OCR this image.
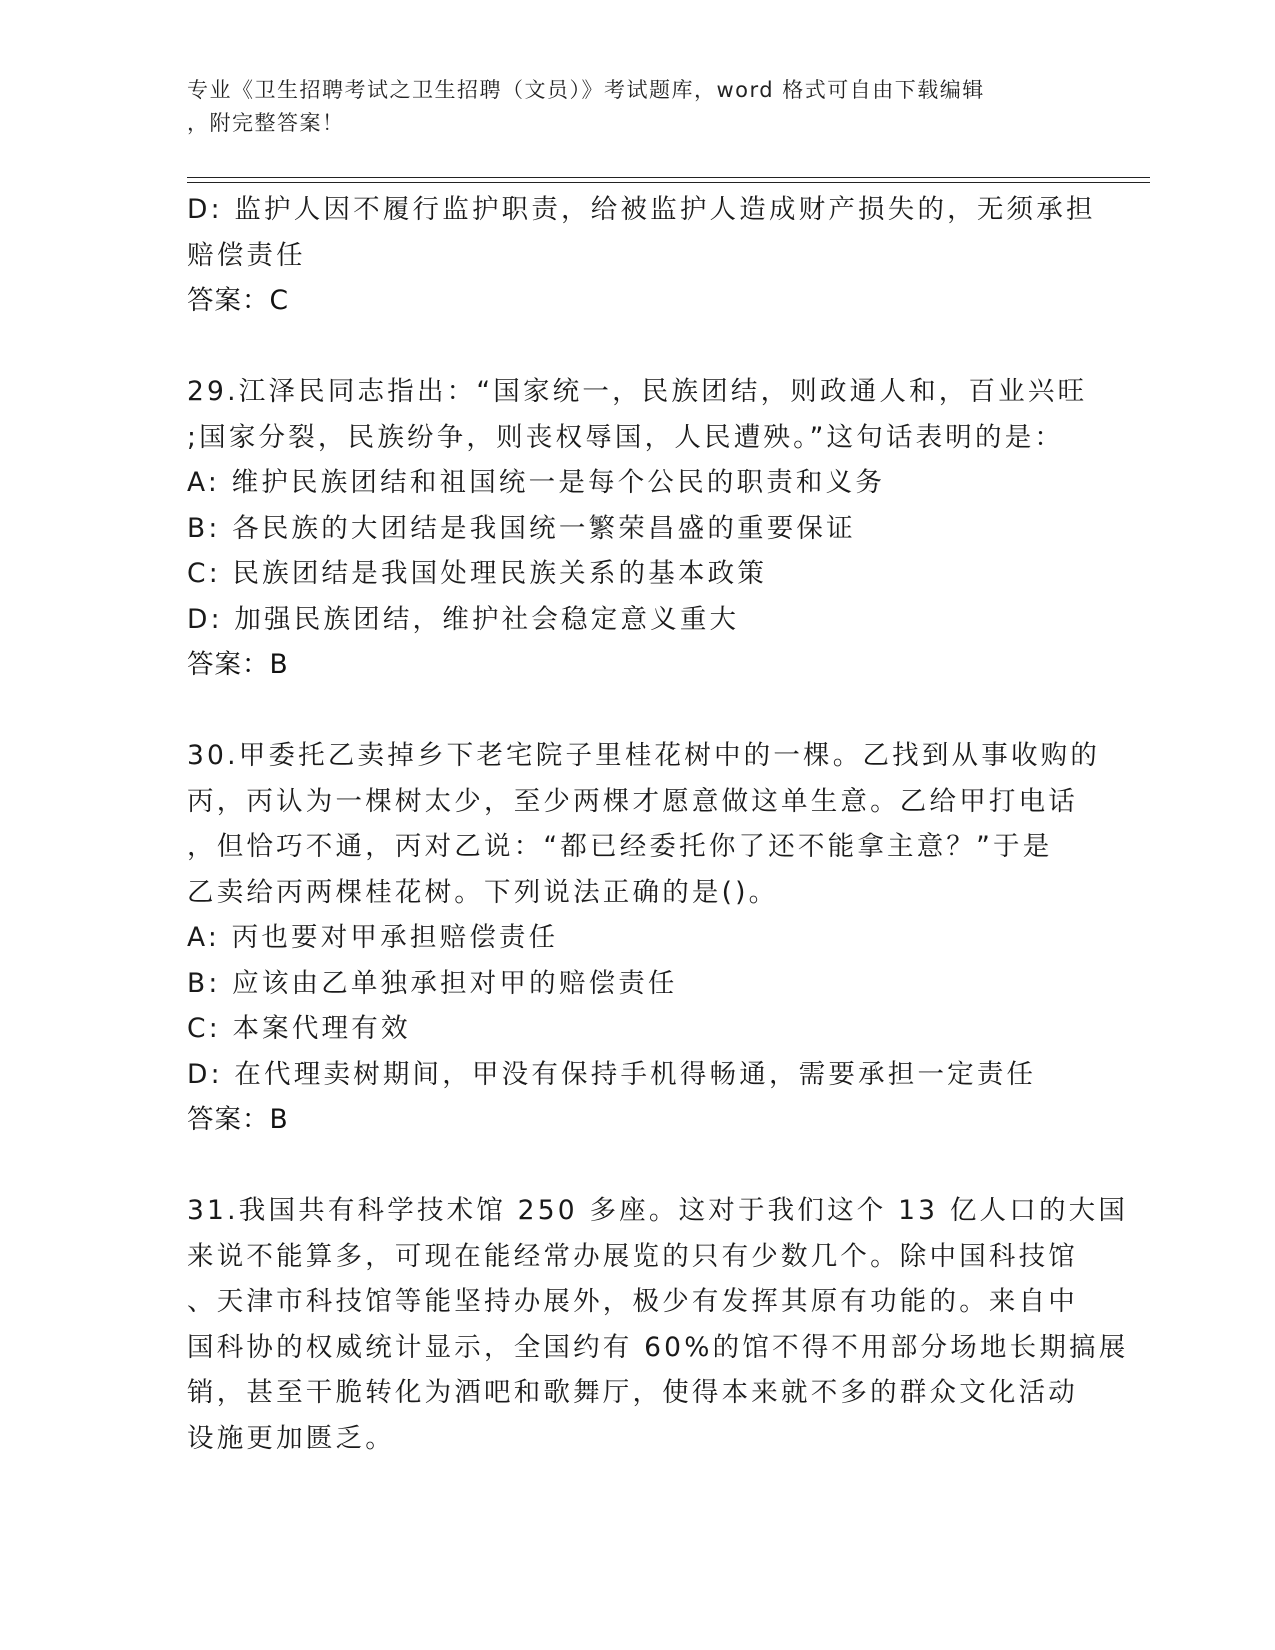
专业《卫生招聘考试之卫生招聘（文员）》考试题库，word 格式可自由下载编辑
，附完整答案！
D: 监护人因不履行监护职责，给被监护人造成财产损失的，无须承担
赔偿责任
答案：C
29.江泽民同志指出：“国家统一，民族团结，则政通人和，百业兴旺
;国家分裂，民族纷争，则丧权辱国，人民遭殃。”这句话表明的是：
A: 维护民族团结和祖国统一是每个公民的职责和义务
B: 各民族的大团结是我国统一繁荣昌盛的重要保证
C: 民族团结是我国处理民族关系的基本政策
D: 加强民族团结，维护社会稳定意义重大
答案：B
30.甲委托乙卖掉乡下老宅院子里桂花树中的一棵。乙找到从事收购的
丙，丙认为一棵树太少，至少两棵才愿意做这单生意。乙给甲打电话
，但恰巧不通，丙对乙说：“都已经委托你了还不能拿主意？”于是
乙卖给丙两棵桂花树。下列说法正确的是()。
A: 丙也要对甲承担赔偿责任
B: 应该由乙单独承担对甲的赔偿责任
C: 本案代理有效
D: 在代理卖树期间，甲没有保持手机得畅通，需要承担一定责任
答案：B
31.我国共有科学技术馆 250 多座。这对于我们这个 13 亿人口的大国
来说不能算多，可现在能经常办展览的只有少数几个。除中国科技馆
、天津市科技馆等能坚持办展外，极少有发挥其原有功能的。来自中
国科协的权威统计显示，全国约有 60%的馆不得不用部分场地长期搞展
销，甚至干脆转化为酒吧和歌舞厅，使得本来就不多的群众文化活动
设施更加匮乏。
